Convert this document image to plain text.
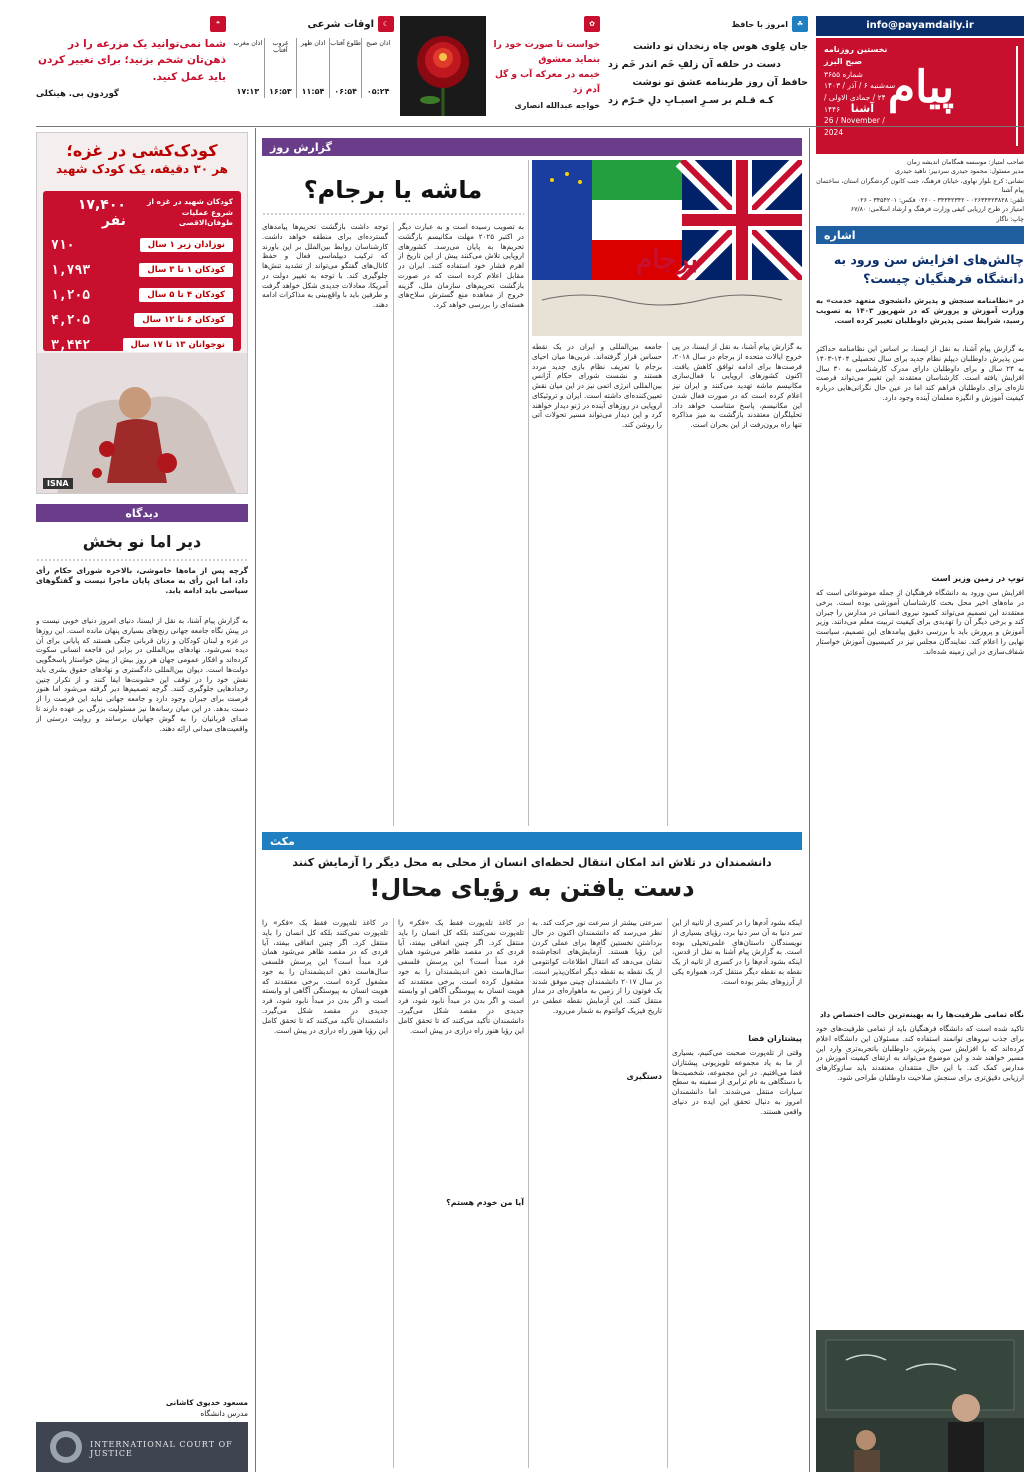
info@payamdaily.ir
پیام
آشنا
نخستین روزنامه صبح البرز
شماره ۳۶۵۵
سه‌شنبه ۶ / آذر / ۱۴۰۳
۲۴ / جمادی الاولی / ۱۴۴۶
26 / November / 2024
صاحب امتیاز: موسسه همگامان اندیشه زمان
مدیر مسئول: محمود حیدری سردبیر: ناهید حیدری
نشانی: کرج بلوار نهاوی، خیابان فرهنگ، جنب کانون گردشگران استان، ساختمان پیام آشنا
تلفن: ۰۲۶۳۴۴۲۳۸۲۸ - ۳۴۳۴۲۳۴۲ - ۰۲۶۰ فکس: ۳۴۵۴۲۰۱ - ۰۲۶
امتیاز در طرح ارزیابی کیفی وزارت فرهنگ و ارشاد اسلامی: ۶۷/۸۰
چاپ: ناگار
☘
امروز با حافظ
جان عِلوی هوس چاه زنخدان تو داشت
دست در حلقه آن زلفِ خَم اندر خَم زد
حافظ آن روز طربنامه عشق تو نوشت
کـه قـلم بر سـرِ اسبـابِ دلِ خـرّم زد
✿
خواست تا صورت خود را
بنماید معشوق
خیمه در معرکه آب و گل
آدم زد
خواجه عبدالله انصاری
☾
اوقات شرعی
اذان صبح
۰۵:۲۴
طلوع آفتاب
۰۶:۵۴
اذان ظهر
۱۱:۵۴
غروب آفتاب
۱۶:۵۳
اذان مغرب
۱۷:۱۳
❝
شما نمی‌توانید یک مزرعه را در ذهن‌تان شخم بزنید؛ برای تغییر کردن باید عمل کنید.
گوردون بی. هینکلی
اشاره
چالش‌های افزایش سن ورود به دانشگاه فرهنگیان چیست؟
در «نظامنامه سنجش و پذیرش دانشجوی متعهد خدمت» به وزارت آموزش و پرورش که در شهریور ۱۴۰۳ به تصویب رسید، شرایط سنی پذیرش داوطلبان تغییر کرده است.
به گزارش پیام آشنا، به نقل از ایسنا، بر اساس این نظامنامه حداکثر سن پذیرش داوطلبان دیپلم نظام جدید برای سال تحصیلی ۱۴۰۴-۱۴۰۳ به ۲۴ سال و برای داوطلبان دارای مدرک کارشناسی به ۳۰ سال افزایش یافته است. کارشناسان معتقدند این تغییر می‌تواند فرصت تازه‌ای برای داوطلبان فراهم کند اما در عین حال نگرانی‌هایی درباره کیفیت آموزش و انگیزه معلمان آینده وجود دارد.
توپ در زمین وزیر است
افزایش سن ورود به دانشگاه فرهنگیان از جمله موضوعاتی است که در ماه‌های اخیر محل بحث کارشناسان آموزشی بوده است. برخی معتقدند این تصمیم می‌تواند کمبود نیروی انسانی در مدارس را جبران کند و برخی دیگر آن را تهدیدی برای کیفیت تربیت معلم می‌دانند. وزیر آموزش و پرورش باید با بررسی دقیق پیامدهای این تصمیم، سیاست نهایی را اعلام کند. نمایندگان مجلس نیز در کمیسیون آموزش خواستار شفاف‌سازی در این زمینه شده‌اند.
نگاه تمامی ظرفیت‌ها را به بهینه‌ترین حالت اختصاص داد
تاکید شده است که دانشگاه فرهنگیان باید از تمامی ظرفیت‌های خود برای جذب نیروهای توانمند استفاده کند. مسئولان این دانشگاه اعلام کرده‌اند که با افزایش سن پذیرش، داوطلبان باتجربه‌تری وارد این مسیر خواهند شد و این موضوع می‌تواند به ارتقای کیفیت آموزش در مدارس کمک کند. با این حال منتقدان معتقدند باید سازوکارهای ارزیابی دقیق‌تری برای سنجش صلاحیت داوطلبان طراحی شود.
گزارش روز
برجام
ماشه یا برجام؟
جامعه بین‌المللی و ایران در یک نقطه حساس قرار گرفته‌اند. غربی‌ها میان احیای برجام یا تعریف نظام بازی جدید مردد هستند و نشست شورای حکام آژانس بین‌المللی انرژی اتمی نیز در این میان نقش تعیین‌کننده‌ای داشته است. ایران و تروئیکای اروپایی در روزهای آینده در ژنو دیدار خواهند کرد و این دیدار می‌تواند مسیر تحولات آتی را روشن کند.
به گزارش پیام آشنا، به نقل از ایسنا، در پی خروج ایالات متحده از برجام در سال ۲۰۱۸، فرصت‌ها برای ادامه توافق کاهش یافت. اکنون کشورهای اروپایی با فعال‌سازی مکانیسم ماشه تهدید می‌کنند و ایران نیز اعلام کرده است که در صورت فعال شدن این مکانیسم، پاسخ متناسب خواهد داد. تحلیلگران معتقدند بازگشت به میز مذاکره تنها راه برون‌رفت از این بحران است.
به تصویب رسیده است و به عبارت دیگر در اکتبر ۲۰۲۵ مهلت مکانیسم بازگشت تحریم‌ها به پایان می‌رسد. کشورهای اروپایی تلاش می‌کنند پیش از این تاریخ از اهرم فشار خود استفاده کنند. ایران در مقابل اعلام کرده است که در صورت بازگشت تحریم‌های سازمان ملل، گزینه خروج از معاهده منع گسترش سلاح‌های هسته‌ای را بررسی خواهد کرد.
توجه داشت بازگشت تحریم‌ها پیامدهای گسترده‌ای برای منطقه خواهد داشت. کارشناسان روابط بین‌الملل بر این باورند که ترکیب دیپلماسی فعال و حفظ کانال‌های گفتگو می‌تواند از تشدید تنش‌ها جلوگیری کند. با توجه به تغییر دولت در آمریکا، معادلات جدیدی شکل خواهد گرفت و طرفین باید با واقع‌بینی به مذاکرات ادامه دهند.
مکث
دانشمندان در تلاش اند امکان انتقال لحظه‌ای انسان از محلی به محل دیگر را آزمایش کنند
دست یافتن به رؤیای محال!
اینکه بشود آدم‌ها را در کسری از ثانیه از این سر دنیا به آن سر دنیا برد، رؤیای بسیاری از نویسندگان داستان‌های علمی‌تخیلی بوده است. به گزارش پیام آشنا به نقل از قدس، اینکه بشود آدم‌ها را در کسری از ثانیه از یک نقطه به نقطه دیگر منتقل کرد، همواره یکی از آرزوهای بشر بوده است.
پیشتازان فضا
وقتی از تله‌پورت صحبت می‌کنیم، بسیاری از ما به یاد مجموعه تلویزیونی پیشتازان فضا می‌افتیم. در این مجموعه، شخصیت‌ها با دستگاهی به نام ترابری از سفینه به سطح سیارات منتقل می‌شدند. اما دانشمندان امروز به دنبال تحقق این ایده در دنیای واقعی هستند.
سرعتی بیشتر از سرعت نور حرکت کند. به نظر می‌رسد که دانشمندان اکنون در حال برداشتن نخستین گام‌ها برای عملی کردن این رؤیا هستند. آزمایش‌های انجام‌شده نشان می‌دهد که انتقال اطلاعات کوانتومی از یک نقطه به نقطه دیگر امکان‌پذیر است. در سال ۲۰۱۷ دانشمندان چینی موفق شدند یک فوتون را از زمین به ماهواره‌ای در مدار منتقل کنند. این آزمایش نقطه عطفی در تاریخ فیزیک کوانتوم به شمار می‌رود.
دستگیری
در کاغذ تله‌پورت فقط یک «فکر» را تله‌پورت نمی‌کنند بلکه کل انسان را باید منتقل کرد. اگر چنین اتفاقی بیفتد، آیا فردی که در مقصد ظاهر می‌شود همان فرد مبدأ است؟ این پرسش فلسفی سال‌هاست ذهن اندیشمندان را به خود مشغول کرده است. برخی معتقدند که هویت انسان به پیوستگی آگاهی او وابسته است و اگر بدن در مبدأ نابود شود، فرد جدیدی در مقصد شکل می‌گیرد. دانشمندان تأکید می‌کنند که تا تحقق کامل این رؤیا هنوز راه درازی در پیش است.
آیا من خودم هستم؟
در کاغذ تله‌پورت فقط یک «فکر» را تله‌پورت نمی‌کنند بلکه کل انسان را باید منتقل کرد. اگر چنین اتفاقی بیفتد، آیا فردی که در مقصد ظاهر می‌شود همان فرد مبدأ است؟ این پرسش فلسفی سال‌هاست ذهن اندیشمندان را به خود مشغول کرده است. برخی معتقدند که هویت انسان به پیوستگی آگاهی او وابسته است و اگر بدن در مبدأ نابود شود، فرد جدیدی در مقصد شکل می‌گیرد. دانشمندان تأکید می‌کنند که تا تحقق کامل این رؤیا هنوز راه درازی در پیش است.
کودک‌کشی در غزه؛
هر ۳۰ دقیقه، یک کودک شهید
کودکان شهید در غزه از شروع عملیات طوفان‌الاقصی
۱۷,۴۰۰ نفر
نوزادان زیر ۱ سال
۷۱۰
کودکان ۱ تا ۳ سال
۱,۷۹۳
کودکان ۴ تا ۵ سال
۱,۲۰۵
کودکان ۶ تا ۱۲ سال
۴,۲۰۵
نوجوانان ۱۳ تا ۱۷ سال
۳,۴۴۲
ISNA
دیدگاه
دیر اما نو بخش
گرچه پس از ماه‌ها خاموشی، بالاخره شورای حکام رأی داد، اما این رأی به معنای پایان ماجرا نیست و گفتگوهای سیاسی باید ادامه یابد.
به گزارش پیام آشنا، به نقل از ایسنا، دنیای امروز دنیای خوبی نیست و در پیش نگاه جامعه جهانی رنج‌های بسیاری پنهان مانده است. این روزها در غزه و لبنان کودکان و زنان قربانی جنگی هستند که پایانی برای آن دیده نمی‌شود. نهادهای بین‌المللی در برابر این فاجعه انسانی سکوت کرده‌اند و افکار عمومی جهان هر روز بیش از پیش خواستار پاسخگویی دولت‌ها است. دیوان بین‌المللی دادگستری و نهادهای حقوق بشری باید نقش خود را در توقف این خشونت‌ها ایفا کنند و از تکرار چنین رخدادهایی جلوگیری کنند. گرچه تصمیم‌ها دیر گرفته می‌شود اما هنوز فرصت برای جبران وجود دارد و جامعه جهانی نباید این فرصت را از دست بدهد. در این میان رسانه‌ها نیز مسئولیت بزرگی بر عهده دارند تا صدای قربانیان را به گوش جهانیان برسانند و روایت درستی از واقعیت‌های میدانی ارائه دهند.
مسعود خدیوی کاشانی
مدرس دانشگاه
INTERNATIONAL COURT OF JUSTICE
